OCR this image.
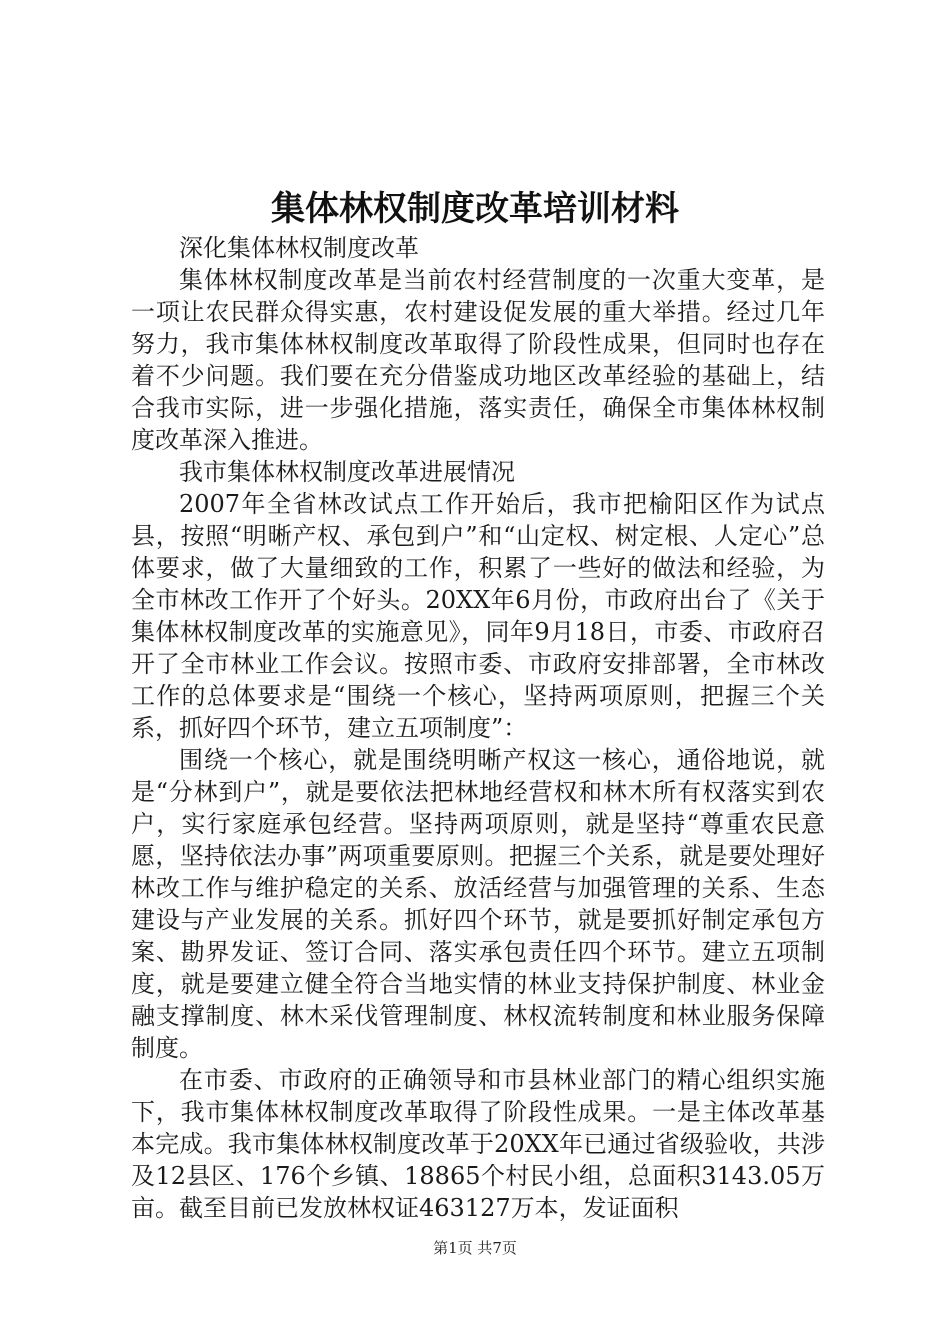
集体林权制度改革培训材料

深化集体林权制度改革

集体林权制度改革是当前农村经营制度的一次重大变革，是一项让农民群众得实惠，农村建设促发展的重大举措。经过几年努力，我市集体林权制度改革取得了阶段性成果，但同时也存在着不少问题。我们要在充分借鉴成功地区改革经验的基础上，结合我市实际，进一步强化措施，落实责任，确保全市集体林权制度改革深入推进。

我市集体林权制度改革进展情况

2007年全省林改试点工作开始后，我市把榆阳区作为试点县，按照“明晰产权、承包到户”和“山定权、树定根、人定心”总体要求，做了大量细致的工作，积累了一些好的做法和经验，为全市林改工作开了个好头。20XX年6月份，市政府出台了《关于集体林权制度改革的实施意见》，同年9月18日，市委、市政府召开了全市林业工作会议。按照市委、市政府安排部署，全市林改工作的总体要求是“围绕一个核心，坚持两项原则，把握三个关系，抓好四个环节，建立五项制度”：

围绕一个核心，就是围绕明晰产权这一核心，通俗地说，就是“分林到户”，就是要依法把林地经营权和林木所有权落实到农户，实行家庭承包经营。坚持两项原则，就是坚持“尊重农民意愿，坚持依法办事”两项重要原则。把握三个关系，就是要处理好林改工作与维护稳定的关系、放活经营与加强管理的关系、生态建设与产业发展的关系。抓好四个环节，就是要抓好制定承包方案、勘界发证、签订合同、落实承包责任四个环节。建立五项制度，就是要建立健全符合当地实情的林业支持保护制度、林业金融支撑制度、林木采伐管理制度、林权流转制度和林业服务保障制度。

在市委、市政府的正确领导和市县林业部门的精心组织实施下，我市集体林权制度改革取得了阶段性成果。一是主体改革基本完成。我市集体林权制度改革于20XX年已通过省级验收，共涉及12县区、176个乡镇、18865个村民小组，总面积3143.05万亩。截至目前已发放林权证463127万本，发证面积

第1页 共7页
